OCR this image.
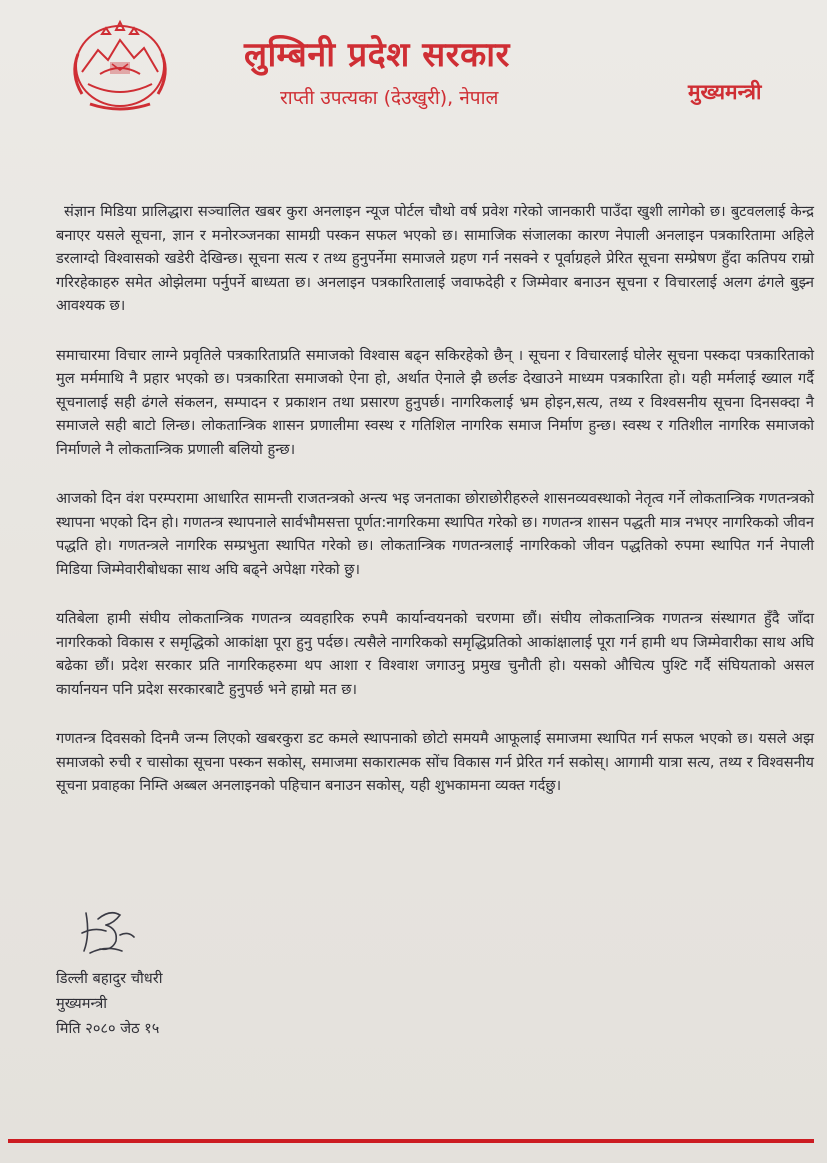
लुम्बिनी प्रदेश सरकार
राप्ती उपत्यका (देउखुरी), नेपाल	मुख्यमन्त्री

संज्ञान मिडिया प्रालिद्धारा सञ्चालित खबर कुरा अनलाइन न्यूज पोर्टल चौथो वर्ष प्रवेश गरेको जानकारी पाउँदा खुशी लागेको छ। बुटवललाई केन्द्र बनाएर यसले सूचना, ज्ञान र मनोरञ्जनका सामग्री पस्कन सफल भएको छ। सामाजिक संजालका कारण नेपाली अनलाइन पत्रकारितामा अहिले डरलाग्दो विश्वासको खडेरी देखिन्छ। सूचना सत्य र तथ्य हुनुपर्नेमा समाजले ग्रहण गर्न नसक्ने र पूर्वाग्रहले प्रेरित सूचना सम्प्रेषण हुँदा कतिपय राम्रो गरिरहेकाहरु समेत ओझेलमा पर्नुपर्ने बाध्यता छ। अनलाइन पत्रकारितालाई जवाफदेही र जिम्मेवार बनाउन सूचना र विचारलाई अलग ढंगले बुझ्न आवश्यक छ।

समाचारमा विचार लाग्ने प्रवृतिले पत्रकारिताप्रति समाजको विश्वास बढ्न सकिरहेको छैन् । सूचना र विचारलाई घोलेर सूचना पस्कदा पत्रकारिताको मुल मर्ममाथि नै प्रहार भएको छ। पत्रकारिता समाजको ऐना हो, अर्थात ऐनाले झै छर्लङ देखाउने माध्यम पत्रकारिता हो। यही मर्मलाई ख्याल गर्दै सूचनालाई सही ढंगले संकलन, सम्पादन र प्रकाशन तथा प्रसारण हुनुपर्छ। नागरिकलाई भ्रम होइन,सत्य, तथ्य र विश्वसनीय सूचना दिनसक्दा नै समाजले सही बाटो लिन्छ। लोकतान्त्रिक शासन प्रणालीमा स्वस्थ र गतिशिल नागरिक समाज निर्माण हुन्छ। स्वस्थ र गतिशील नागरिक समाजको निर्माणले नै लोकतान्त्रिक प्रणाली बलियो हुन्छ।

आजको दिन वंश परम्परामा आधारित सामन्ती राजतन्त्रको अन्त्य भइ जनताका छोराछोरीहरुले शासनव्यवस्थाको नेतृत्व गर्ने लोकतान्त्रिक गणतन्त्रको स्थापना भएको दिन हो। गणतन्त्र स्थापनाले सार्वभौमसत्ता पूर्णत:नागरिकमा स्थापित गरेको छ। गणतन्त्र शासन पद्धती मात्र नभएर नागरिकको जीवन पद्धति हो। गणतन्त्रले नागरिक सम्प्रभुता स्थापित गरेको छ। लोकतान्त्रिक गणतन्त्रलाई नागरिकको जीवन पद्धतिको रुपमा स्थापित गर्न नेपाली मिडिया जिम्मेवारीबोधका साथ अघि बढ्ने अपेक्षा गरेको छु।

यतिबेला हामी संघीय लोकतान्त्रिक गणतन्त्र व्यवहारिक रुपमै कार्यान्वयनको चरणमा छौं। संघीय लोकतान्त्रिक गणतन्त्र संस्थागत हुँदै जाँदा नागरिकको विकास र समृद्धिको आकांक्षा पूरा हुनु पर्दछ। त्यसैले नागरिकको समृद्धिप्रतिको आकांक्षालाई पूरा गर्न हामी थप जिम्मेवारीका साथ अघि बढेका छौं। प्रदेश सरकार प्रति नागरिकहरुमा थप आशा र विश्वाश जगाउनु प्रमुख चुनौती हो। यसको औचित्य पुश्टि गर्दै संघियताको असल कार्यानयन पनि प्रदेश सरकारबाटै हुनुपर्छ भने हाम्रो मत छ।

गणतन्त्र दिवसको दिनमै जन्म लिएको खबरकुरा डट कमले स्थापनाको छोटो समयमै आफूलाई समाजमा स्थापित गर्न सफल भएको छ। यसले अझ समाजको रुची र चासोका सूचना पस्कन सकोस्, समाजमा सकारात्मक सोंच विकास गर्न प्रेरित गर्न सकोस्। आगामी यात्रा सत्य, तथ्य र विश्वसनीय सूचना प्रवाहका निम्ति अब्बल अनलाइनको पहिचान बनाउन सकोस्, यही शुभकामना व्यक्त गर्दछु।

डिल्ली बहादुर चौधरी
मुख्यमन्त्री
मिति २०८० जेठ १५
